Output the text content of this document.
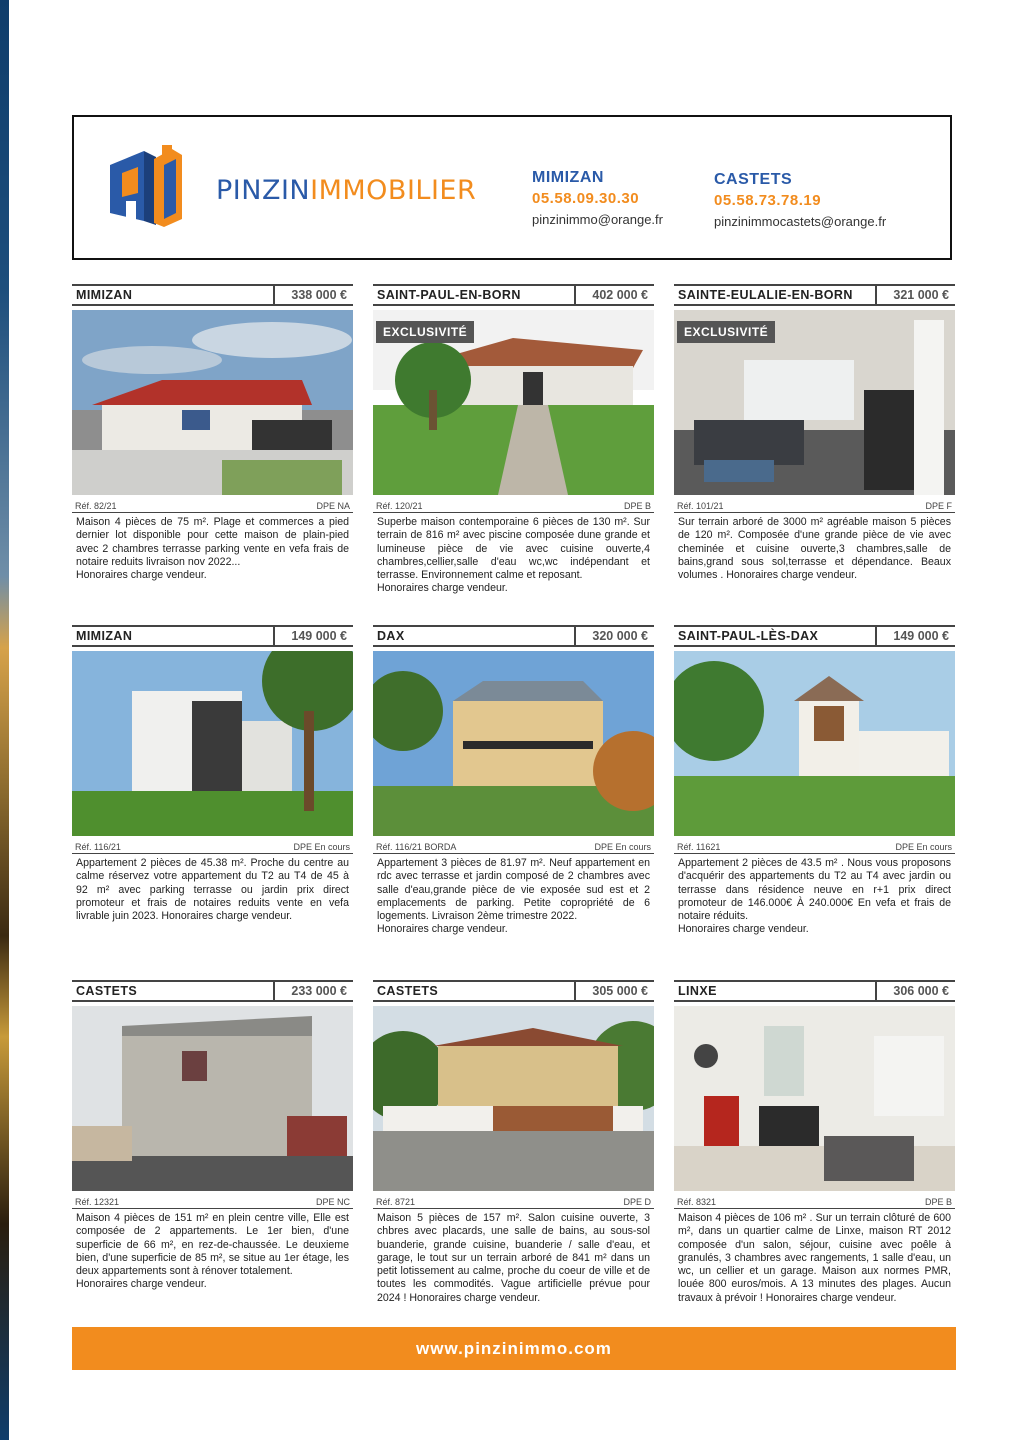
PINZINIMMOBILIER	MIMIZAN
05.58.09.30.30
pinzinimmo@orange.fr
CASTETS
05.58.73.78.19
pinzinimmocastets@orange.fr
MIMIZAN	338 000 €
Réf. 82/21	DPE NA

Maison 4 pièces de 75 m². Plage et commerces a pied dernier lot disponible pour cette maison de plain-pied avec 2 chambres terrasse parking vente en vefa frais de notaire reduits livraison nov 2022...

Honoraires charge vendeur.

SAINT-PAUL-EN-BORN	402 000 €
EXCLUSIVITÉ
Réf. 120/21	DPE B

Superbe maison contemporaine 6 pièces de 130 m². Sur terrain de 816 m² avec piscine composée dune grande et lumineuse pièce de vie avec cuisine ouverte,4 chambres,cellier,salle d'eau wc,wc indépendant et terrasse. Environnement calme et reposant.

Honoraires charge vendeur.

SAINTE-EULALIE-EN-BORN	321 000 €
EXCLUSIVITÉ
Réf. 101/21	DPE F

Sur terrain arboré de 3000 m² agréable maison 5 pièces de 120 m². Composée d'une grande pièce de vie avec cheminée et cuisine ouverte,3 chambres,salle de bains,grand sous sol,terrasse et dépendance. Beaux volumes . Honoraires charge vendeur.

MIMIZAN	149 000 €
Réf. 116/21	DPE En cours

Appartement 2 pièces de 45.38 m². Proche du centre au calme réservez votre appartement du T2 au T4 de 45 à 92 m² avec parking terrasse ou jardin prix direct promoteur et frais de notaires reduits vente en vefa livrable juin 2023. Honoraires charge vendeur.

DAX	320 000 €
Réf. 116/21 BORDA	DPE En cours

Appartement 3 pièces de 81.97 m². Neuf appartement en rdc avec terrasse et jardin composé de 2 chambres avec salle d'eau,grande pièce de vie exposée sud est et 2 emplacements de parking. Petite copropriété de 6 logements. Livraison 2ème trimestre 2022.

Honoraires charge vendeur.

SAINT-PAUL-LÈS-DAX	149 000 €
Réf. 11621	DPE En cours

Appartement 2 pièces de 43.5 m² . Nous vous proposons d'acquérir des appartements du T2 au T4 avec jardin ou terrasse dans résidence neuve en r+1 prix direct promoteur de 146.000€ À 240.000€ En vefa et frais de notaire réduits.

Honoraires charge vendeur.

CASTETS	233 000 €
Réf. 12321	DPE NC

Maison 4 pièces de 151 m² en plein centre ville, Elle est composée de 2 appartements. Le 1er bien, d'une superficie de 66 m², en rez-de-chaussée. Le deuxieme bien, d'une superficie de 85 m², se situe au 1er étage, les deux appartements sont à rénover totalement.

Honoraires charge vendeur.

CASTETS	305 000 €
Réf. 8721	DPE D

Maison 5 pièces de 157 m². Salon cuisine ouverte, 3 chbres avec placards, une salle de bains, au sous-sol buanderie, grande cuisine, buanderie / salle d'eau, et garage, le tout sur un terrain arboré de 841 m² dans un petit lotissement au calme, proche du coeur de ville et de toutes les commodités. Vague artificielle prévue pour 2024 ! Honoraires charge vendeur.

LINXE	306 000 €
Réf. 8321	DPE B

Maison 4 pièces de 106 m² . Sur un terrain clôturé de 600 m², dans un quartier calme de Linxe, maison RT 2012 composée d'un salon, séjour, cuisine avec poêle à granulés, 3 chambres avec rangements, 1 salle d'eau, un wc, un cellier et un garage. Maison aux normes PMR, louée 800 euros/mois. A 13 minutes des plages. Aucun travaux à prévoir ! Honoraires charge vendeur.

www.pinzinimmo.com
